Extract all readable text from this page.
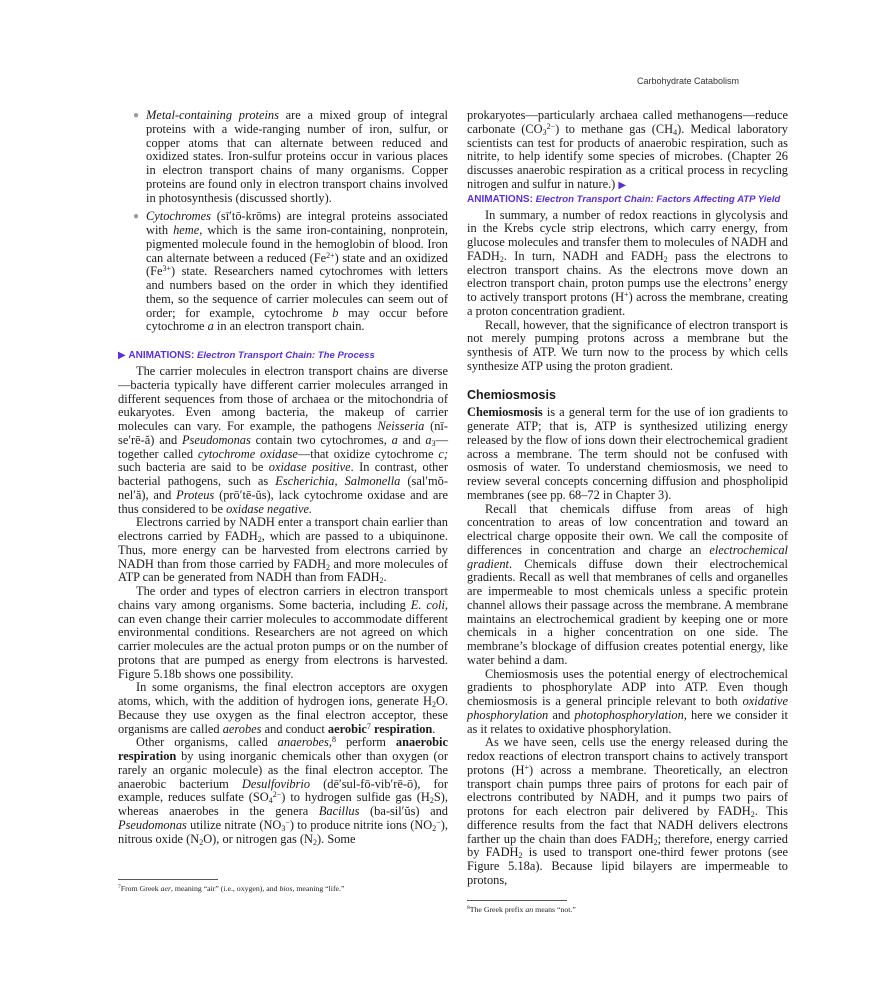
Carbohydrate Catabolism
● Metal-containing proteins are a mixed group of integral proteins with a wide-ranging number of iron, sulfur, or copper atoms that can alternate between reduced and oxidized states. Iron-sulfur proteins occur in various places in electron transport chains of many organisms. Copper proteins are found only in electron transport chains involved in photosynthesis (discussed shortly).
● Cytochromes (sī′tō-krōms) are integral proteins associated with heme, which is the same iron-containing, nonprotein, pigmented molecule found in the hemoglobin of blood. Iron can alternate between a reduced $(Fe^{2+})$ state and an oxidized $(Fe^{3+})$ state. Researchers named cytochromes with letters and numbers based on the order in which they identified them, so the sequence of carrier molecules can seem out of order; for example, cytochrome b may occur before cytochrome a in an electron transport chain.
▶ ANIMATIONS: Electron Transport Chain: The Process

The carrier molecules in electron transport chains are diverse—bacteria typically have different carrier molecules arranged in different sequences from those of archaea or the mitochondria of eukaryotes. Even among bacteria, the makeup of carrier molecules can vary. For example, the pathogens Neisseria (nī-se′rē-ă) and Pseudomonas contain two cytochromes, a and $a_3—together$ called cytochrome oxidase—that oxidize cytochrome c; such bacteria are said to be oxidase positive. In contrast, other bacterial pathogens, such as Escherichia, Salmonella (sal′mŏ-nel′ă), and Proteus (prō′tē-ŭs), lack cytochrome oxidase and are thus considered to be oxidase negative.

Electrons carried by NADH enter a transport chain earlier than electrons carried by $FADH_2$, which are passed to a ubiquinone. Thus, more energy can be harvested from electrons carried by NADH than from those carried by $FADH_2$ and more molecules of ATP can be generated from NADH than from $FADH_2$.

The order and types of electron carriers in electron transport chains vary among organisms. Some bacteria, including E. coli, can even change their carrier molecules to accommodate different environmental conditions. Researchers are not agreed on which carrier molecules are the actual proton pumps or on the number of protons that are pumped as energy from electrons is harvested. Figure 5.18b shows one possibility.

In some organisms, the final electron acceptors are oxygen atoms, which, with the addition of hydrogen ions, generate $H_2O$. Because they use oxygen as the final electron acceptor, these organisms are called aerobes and conduct aerobic$^7$ respiration.

Other organisms, called anaerobes,$^8$ perform anaerobic respiration by using inorganic chemicals other than oxygen (or rarely an organic molecule) as the final electron acceptor. The anaerobic bacterium Desulfovibrio (dē′sul-fō-vib′rē-ō), for example, reduces sulfate $(SO_4^{2-})$ to hydrogen sulfide gas $(H_2S)$, whereas anaerobes in the genera Bacillus (ba-sil′ŭs) and Pseudomonas utilize nitrate $(NO_3^-)$ to produce nitrite ions $(NO_2^-)$, nitrous oxide $(N_2O)$, or nitrogen gas $(N_2)$. Some

$^7$From Greek aer, meaning “air” (i.e., oxygen), and bios, meaning “life.”

prokaryotes—particularly archaea called methanogens—reduce carbonate $(CO_3^{2-})$ to methane gas $(CH_4)$. Medical laboratory scientists can test for products of anaerobic respiration, such as nitrite, to help identify some species of microbes. (Chapter 26 discusses anaerobic respiration as a critical process in recycling nitrogen and sulfur in nature.) ▶

ANIMATIONS: Electron Transport Chain: Factors Affecting ATP Yield

In summary, a number of redox reactions in glycolysis and in the Krebs cycle strip electrons, which carry energy, from glucose molecules and transfer them to molecules of NADH and $FADH_2$. In turn, NADH and $FADH_2$ pass the electrons to electron transport chains. As the electrons move down an electron transport chain, proton pumps use the electrons’ energy to actively transport protons (H+) across the membrane, creating a proton concentration gradient.

Recall, however, that the significance of electron transport is not merely pumping protons across a membrane but the synthesis of ATP. We turn now to the process by which cells synthesize ATP using the proton gradient.

Chemiosmosis

Chemiosmosis is a general term for the use of ion gradients to generate ATP; that is, ATP is synthesized utilizing energy released by the flow of ions down their electrochemical gradient across a membrane. The term should not be confused with osmosis of water. To understand chemiosmosis, we need to review several concepts concerning diffusion and phospholipid membranes (see pp. 68–72 in Chapter 3).

Recall that chemicals diffuse from areas of high concentration to areas of low concentration and toward an electrical charge opposite their own. We call the composite of differences in concentration and charge an electrochemical gradient. Chemicals diffuse down their electrochemical gradients. Recall as well that membranes of cells and organelles are impermeable to most chemicals unless a specific protein channel allows their passage across the membrane. A membrane maintains an electrochemical gradient by keeping one or more chemicals in a higher concentration on one side. The membrane’s blockage of diffusion creates potential energy, like water behind a dam.

Chemiosmosis uses the potential energy of electrochemical gradients to phosphorylate ADP into ATP. Even though chemiosmosis is a general principle relevant to both oxidative phosphorylation and photophosphorylation, here we consider it as it relates to oxidative phosphorylation.

As we have seen, cells use the energy released during the redox reactions of electron transport chains to actively transport protons (H+) across a membrane. Theoretically, an electron transport chain pumps three pairs of protons for each pair of electrons contributed by NADH, and it pumps two pairs of protons for each electron pair delivered by $FADH_2$. This difference results from the fact that NADH delivers electrons farther up the chain than does $FADH_2$; therefore, energy carried by $FADH_2$ is used to transport one-third fewer protons (see Figure 5.18a). Because lipid bilayers are impermeable to protons,

$^8$The Greek prefix an means “not.”
